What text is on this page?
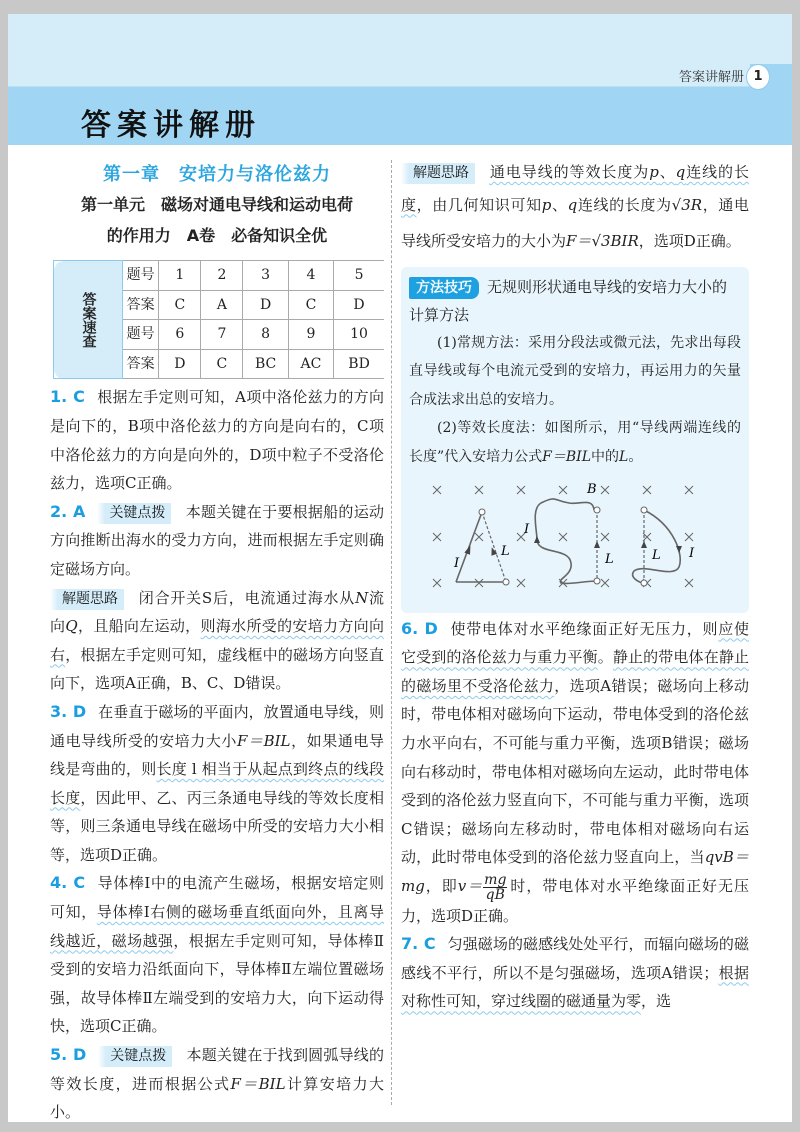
答案讲解册 1
答案讲解册
第一章　安培力与洛伦兹力
第一单元　磁场对通电导线和运动电荷
的作用力　A卷　必备知识全优
答案速查	题号	1	2	3	4	5
	答案	C	A	D	C	D
	题号	6	7	8	9	10
	答案	D	C	BC	AC	BD

1. C 根据左手定则可知，A项中洛伦兹力的方向是向下的，B项中洛伦兹力的方向是向右的，C项中洛伦兹力的方向是向外的，D项中粒子不受洛伦兹力，选项C正确。

2. A 关键点拨 本题关键在于要根据船的运动方向推断出海水的受力方向，进而根据左手定则确定磁场方向。

解题思路 闭合开关S后，电流通过海水从N流向Q，且船向左运动，则海水所受的安培力方向向右，根据左手定则可知，虚线框中的磁场方向竖直向下，选项A正确，B、C、D错误。

3. D 在垂直于磁场的平面内，放置通电导线，则通电导线所受的安培力大小F＝BIL，如果通电导线是弯曲的，则长度 l 相当于从起点到终点的线段长度，因此甲、乙、丙三条通电导线的等效长度相等，则三条通电导线在磁场中所受的安培力大小相等，选项D正确。

4. C 导体棒Ⅰ中的电流产生磁场，根据安培定则可知，导体棒Ⅰ右侧的磁场垂直纸面向外，且离导线越近，磁场越强，根据左手定则可知，导体棒Ⅱ受到的安培力沿纸面向下，导体棒Ⅱ左端位置磁场强，故导体棒Ⅱ左端受到的安培力大，向下运动得快，选项C正确。

5. D 关键点拨 本题关键在于找到圆弧导线的等效长度，进而根据公式F＝BIL计算安培力大小。

解题思路 通电导线的等效长度为p、q连线的长度，由几何知识可知p、q连线的长度为√3R，通电导线所受安培力的大小为F＝√3BIR，选项D正确。

方法技巧 无规则形状通电导线的安培力大小的计算方法

(1)常规方法：采用分段法或微元法，先求出每段直导线或每个电流元受到的安培力，再运用力的矢量合成法求出总的安培力。

(2)等效长度法：如图所示，用“导线两端连线的长度”代入安培力公式F＝BIL中的L。

I
L
I
B
L	L I

6. D 使带电体对水平绝缘面正好无压力，则应使它受到的洛伦兹力与重力平衡。静止的带电体在静止的磁场里不受洛伦兹力，选项A错误；磁场向上移动时，带电体相对磁场向下运动，带电体受到的洛伦兹力水平向右，不可能与重力平衡，选项B错误；磁场向右移动时，带电体相对磁场向左运动，此时带电体受到的洛伦兹力竖直向下，不可能与重力平衡，选项C错误；磁场向左移动时，带电体相对磁场向右运动，此时带电体受到的洛伦兹力竖直向上，当qvB＝mg，即$v= \frac{mg}{qB}$ 时，带电体对水平绝缘面正好无压力，选项D正确。

7. C 匀强磁场的磁感线处处平行，而辐向磁场的磁感线不平行，所以不是匀强磁场，选项A错误；根据对称性可知，穿过线圈的磁通量为零，选
